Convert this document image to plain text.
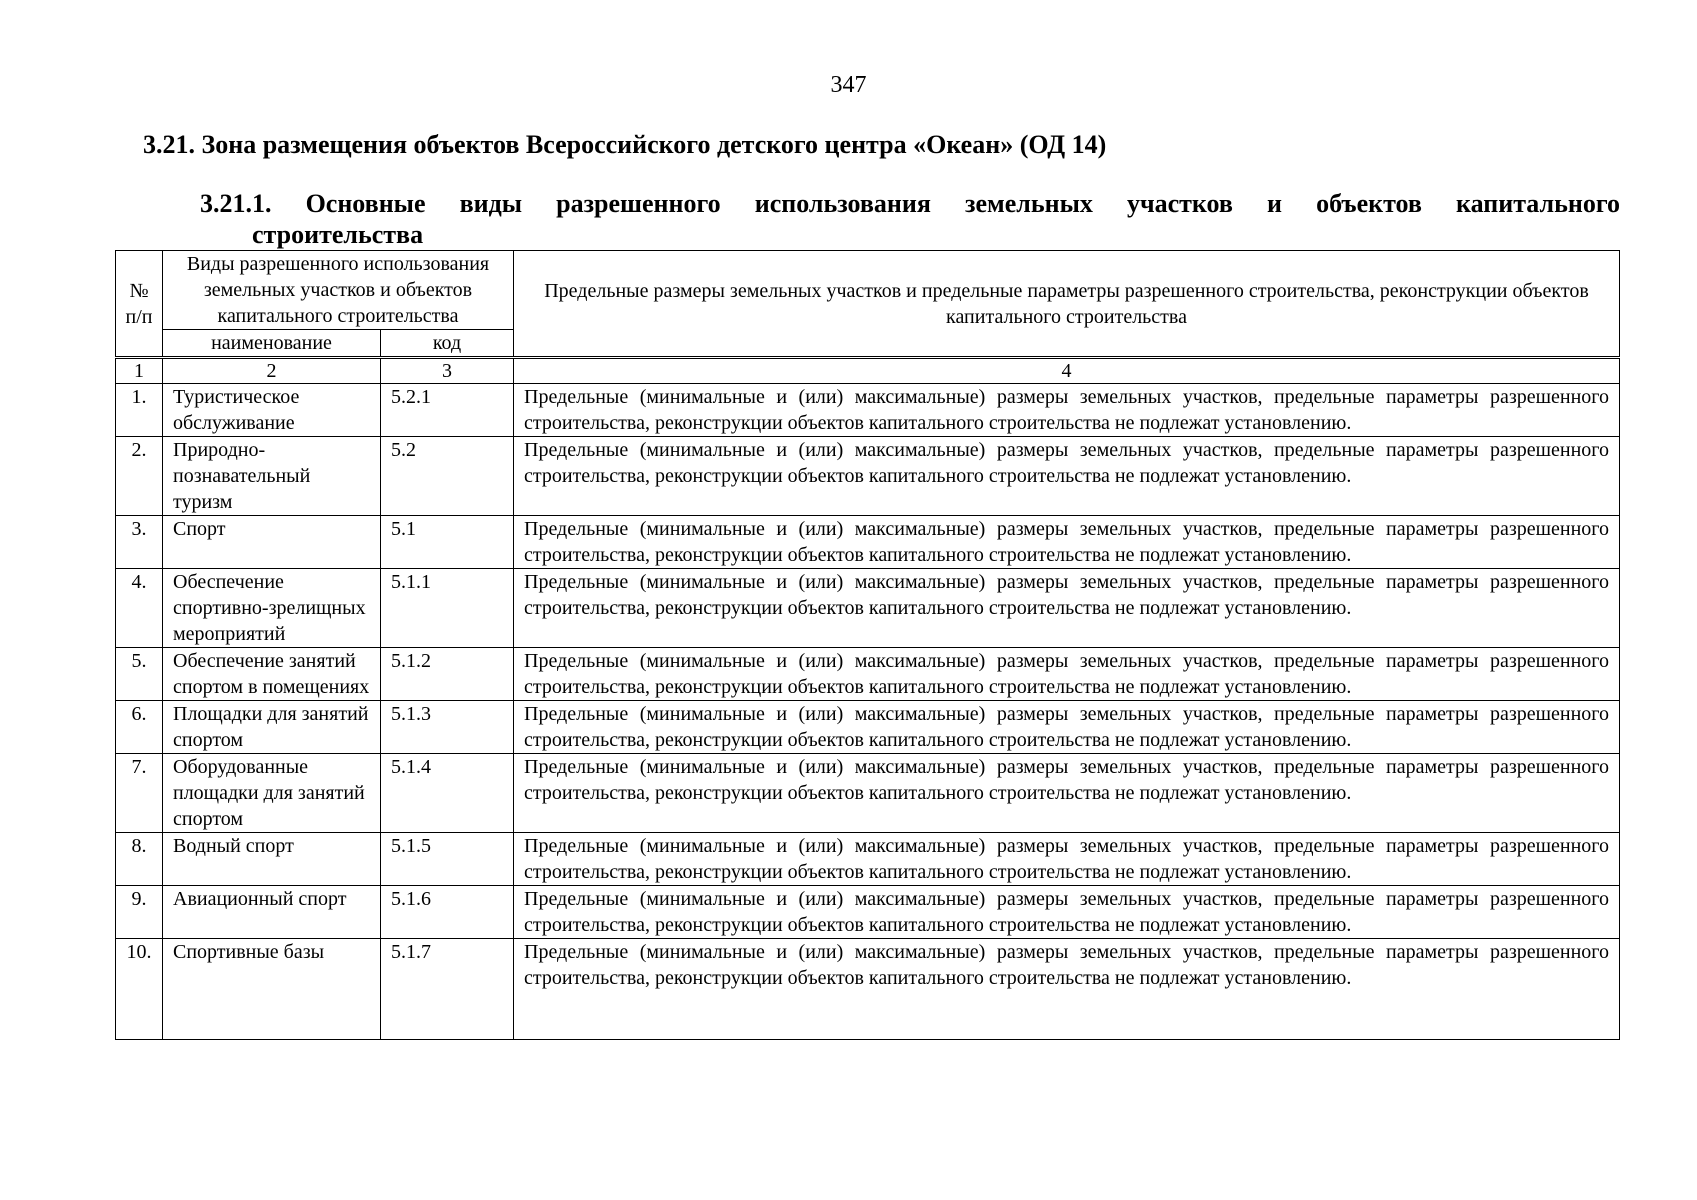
347
3.21. Зона размещения объектов Всероссийского детского центра «Океан» (ОД 14)
3.21.1. Основные виды разрешенного использования земельных участков и объектов капитального
строительства
№ п/п	Виды разрешенного использования земельных участков и объектов капитального строительства		Предельные размеры земельных участков и предельные параметры разрешенного строительства, реконструкции объектов капитального строительства
	наименование	код	
1	2	3	4
1.	Туристическое обслуживание	5.2.1	Предельные (минимальные и (или) максимальные) размеры земельных участков, предельные параметры разрешенного строительства, реконструкции объектов капитального строительства не подлежат установлению.
2.	Природно-познавательный туризм	5.2	Предельные (минимальные и (или) максимальные) размеры земельных участков, предельные параметры разрешенного строительства, реконструкции объектов капитального строительства не подлежат установлению.
3.	Спорт	5.1	Предельные (минимальные и (или) максимальные) размеры земельных участков, предельные параметры разрешенного строительства, реконструкции объектов капитального строительства не подлежат установлению.
4.	Обеспечение спортивно-зрелищных мероприятий	5.1.1	Предельные (минимальные и (или) максимальные) размеры земельных участков, предельные параметры разрешенного строительства, реконструкции объектов капитального строительства не подлежат установлению.
5.	Обеспечение занятий спортом в помещениях	5.1.2	Предельные (минимальные и (или) максимальные) размеры земельных участков, предельные параметры разрешенного строительства, реконструкции объектов капитального строительства не подлежат установлению.
6.	Площадки для занятий спортом	5.1.3	Предельные (минимальные и (или) максимальные) размеры земельных участков, предельные параметры разрешенного строительства, реконструкции объектов капитального строительства не подлежат установлению.
7.	Оборудованные площадки для занятий спортом	5.1.4	Предельные (минимальные и (или) максимальные) размеры земельных участков, предельные параметры разрешенного строительства, реконструкции объектов капитального строительства не подлежат установлению.
8.	Водный спорт	5.1.5	Предельные (минимальные и (или) максимальные) размеры земельных участков, предельные параметры разрешенного строительства, реконструкции объектов капитального строительства не подлежат установлению.
9.	Авиационный спорт	5.1.6	Предельные (минимальные и (или) максимальные) размеры земельных участков, предельные параметры разрешенного строительства, реконструкции объектов капитального строительства не подлежат установлению.
10.	Спортивные базы	5.1.7	Предельные (минимальные и (или) максимальные) размеры земельных участков, предельные параметры разрешенного строительства, реконструкции объектов капитального строительства не подлежат установлению.
